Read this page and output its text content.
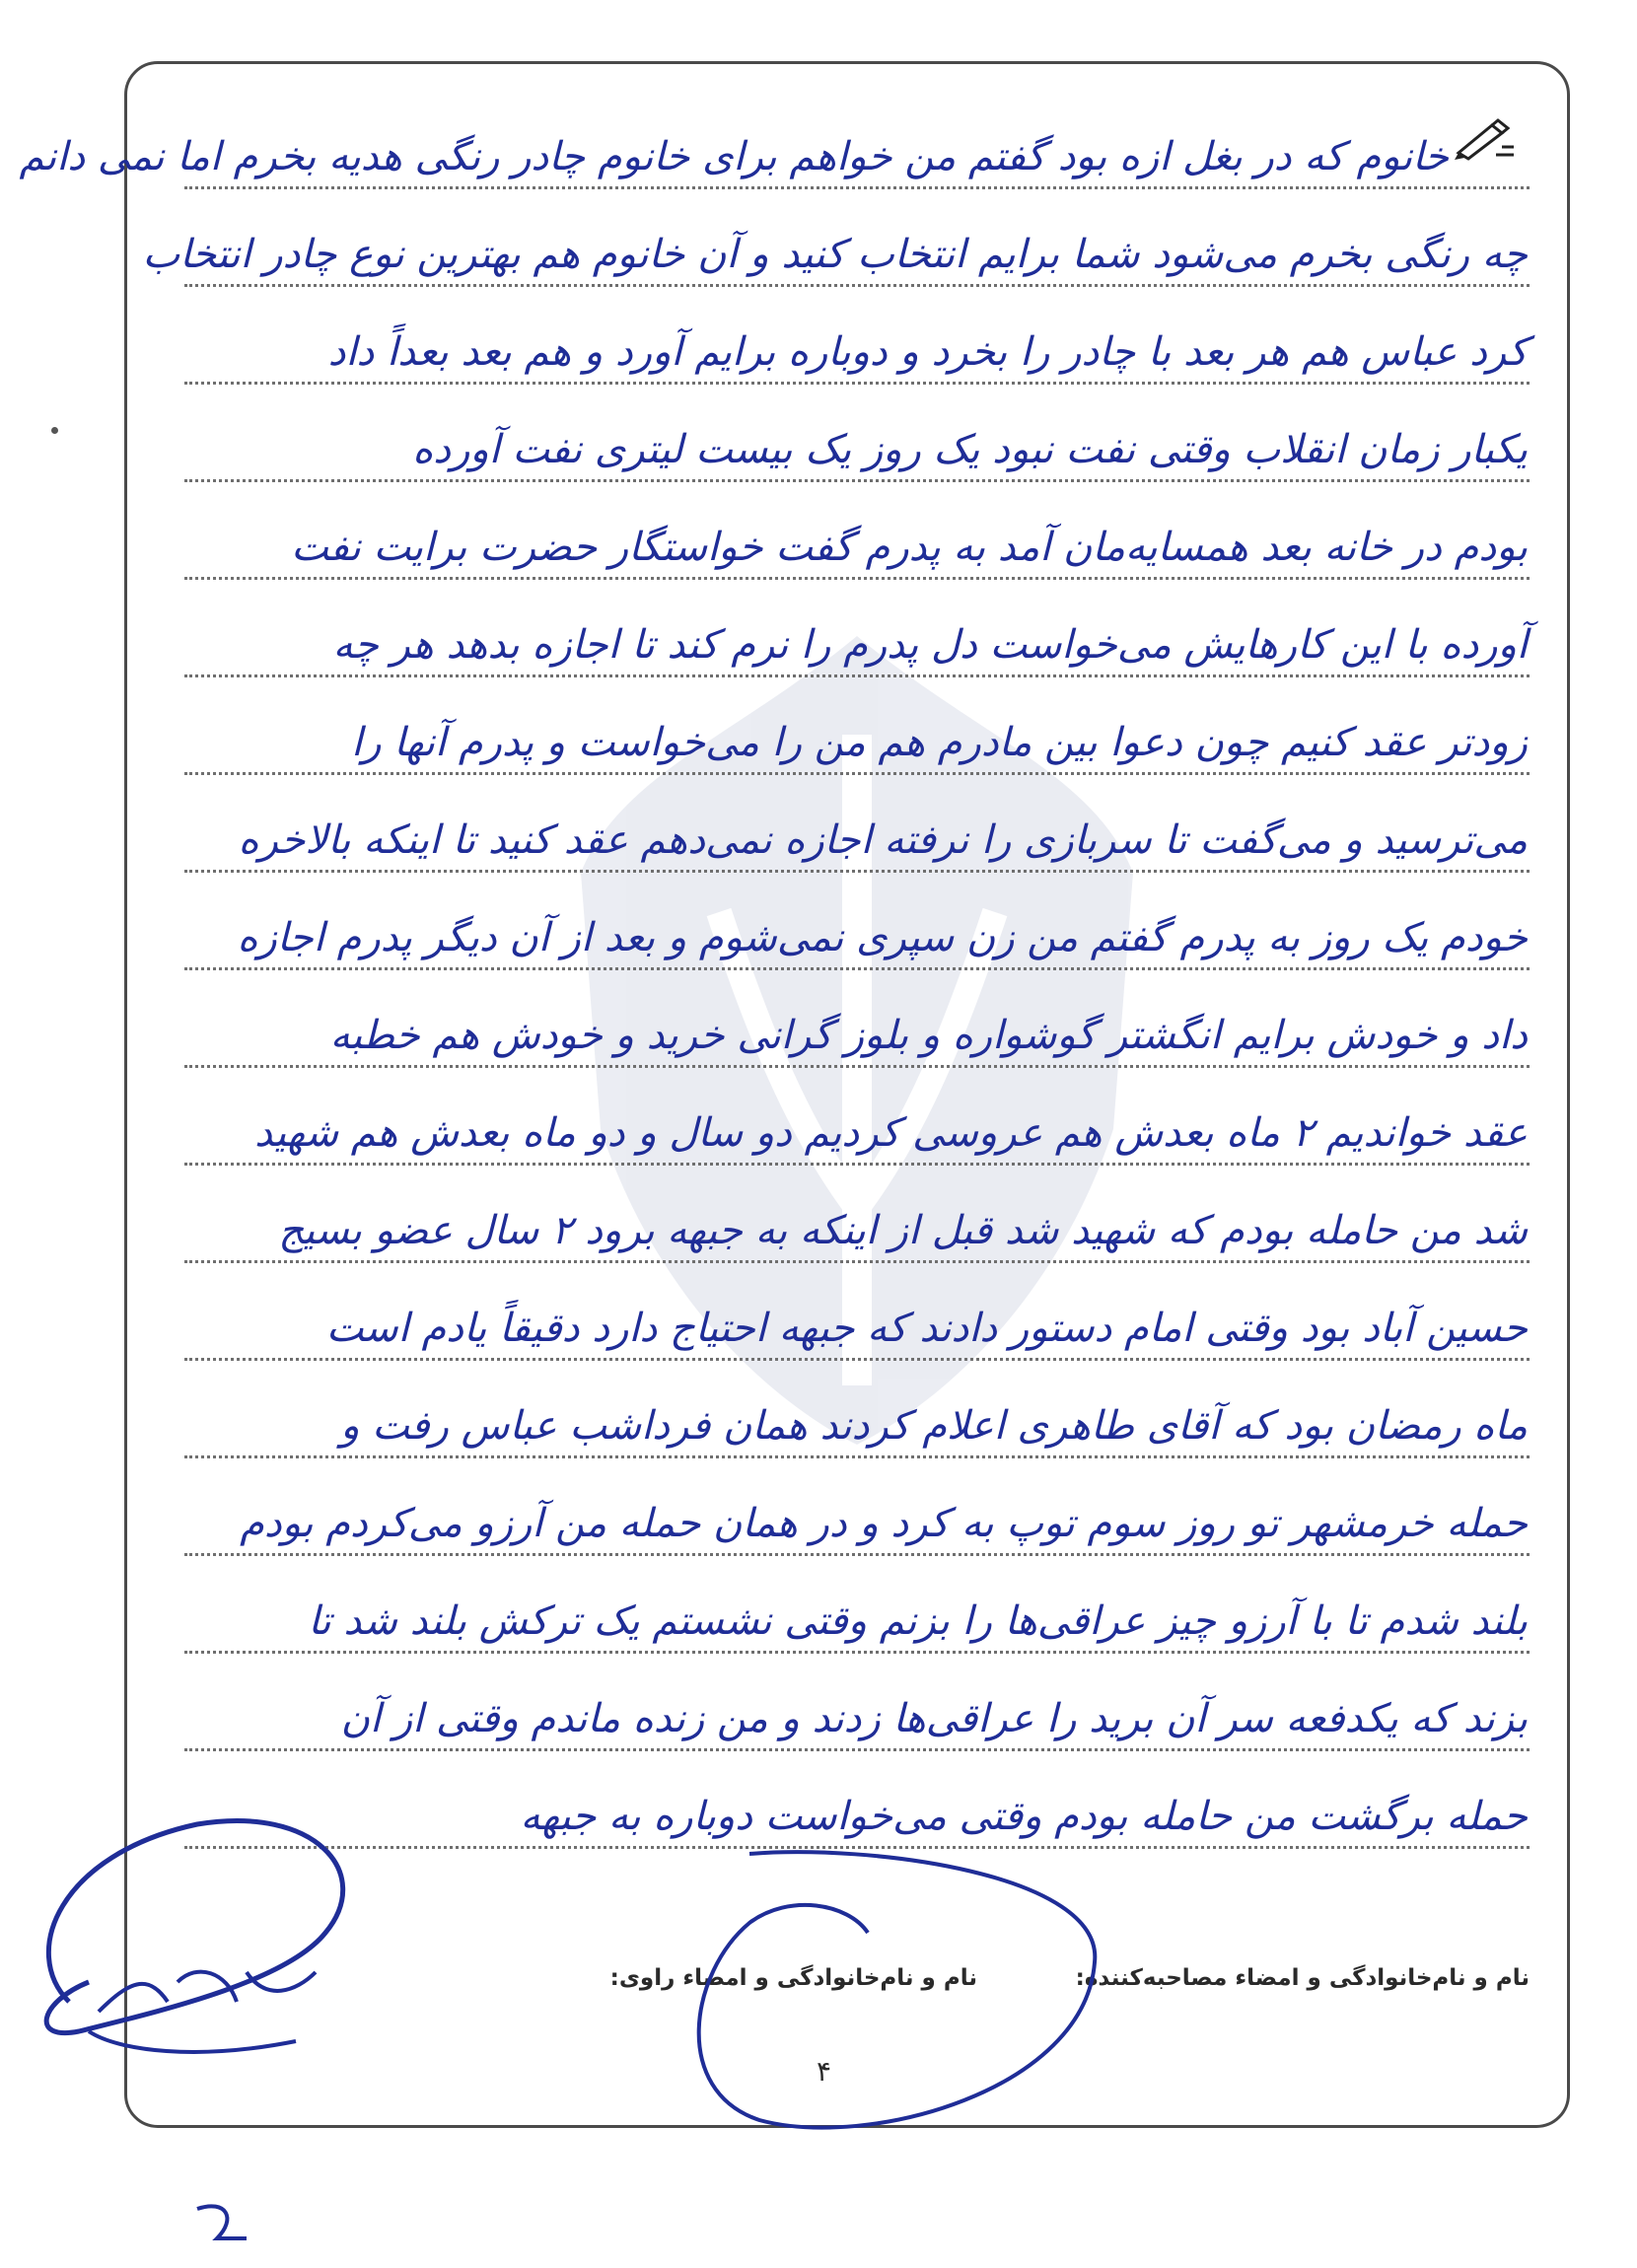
خانوم که در بغل ازه بود گفتم من خواهم برای خانوم چادر رنگی هدیه بخرم اما نمی دانم
چه رنگی بخرم می‌شود شما برایم انتخاب کنید و آن خانوم هم بهترین نوع چادر انتخاب
کرد عباس هم هر بعد با چادر را بخرد و دوباره برایم آورد و هم بعد بعداً داد
یکبار زمان انقلاب وقتی نفت نبود یک روز یک بیست لیتری نفت آورده
بودم در خانه بعد همسایه‌مان آمد به پدرم گفت خواستگار حضرت برایت نفت
آورده با این کارهایش می‌خواست دل پدرم را نرم کند تا اجازه بدهد هر چه
زودتر عقد کنیم چون دعوا بین مادرم هم من را می‌خواست و پدرم آنها را
می‌ترسید و می‌گفت تا سربازی را نرفته اجازه نمی‌دهم عقد کنید تا اینکه بالاخره
خودم یک روز به پدرم گفتم من زن سپری نمی‌شوم و بعد از آن دیگر پدرم اجازه
داد و خودش برایم انگشتر گوشواره و بلوز گرانی خرید و خودش هم خطبه
عقد خواندیم ۲ ماه بعدش هم عروسی کردیم دو سال و دو ماه بعدش هم شهید
شد من حامله بودم که شهید شد قبل از اینکه به جبهه برود ۲ سال عضو بسیج
حسین آباد بود وقتی امام دستور دادند که جبهه احتیاج دارد دقیقاً یادم است
ماه رمضان بود که آقای طاهری اعلام کردند همان فرداشب عباس رفت و
حمله خرمشهر تو روز سوم توپ به کرد و در همان حمله من آرزو می‌کردم بودم
بلند شدم تا با آرزو چیز عراقی‌ها را بزنم وقتی نشستم یک ترکش بلند شد تا
بزند که یکدفعه سر آن برید را عراقی‌ها زدند و من زنده ماندم وقتی از آن
حمله برگشت من حامله بودم وقتی می‌خواست دوباره به جبهه
نام و نام‌خانوادگی و امضاء مصاحبه‌کننده:
نام و نام‌خانوادگی و امضاء راوی:
۴
